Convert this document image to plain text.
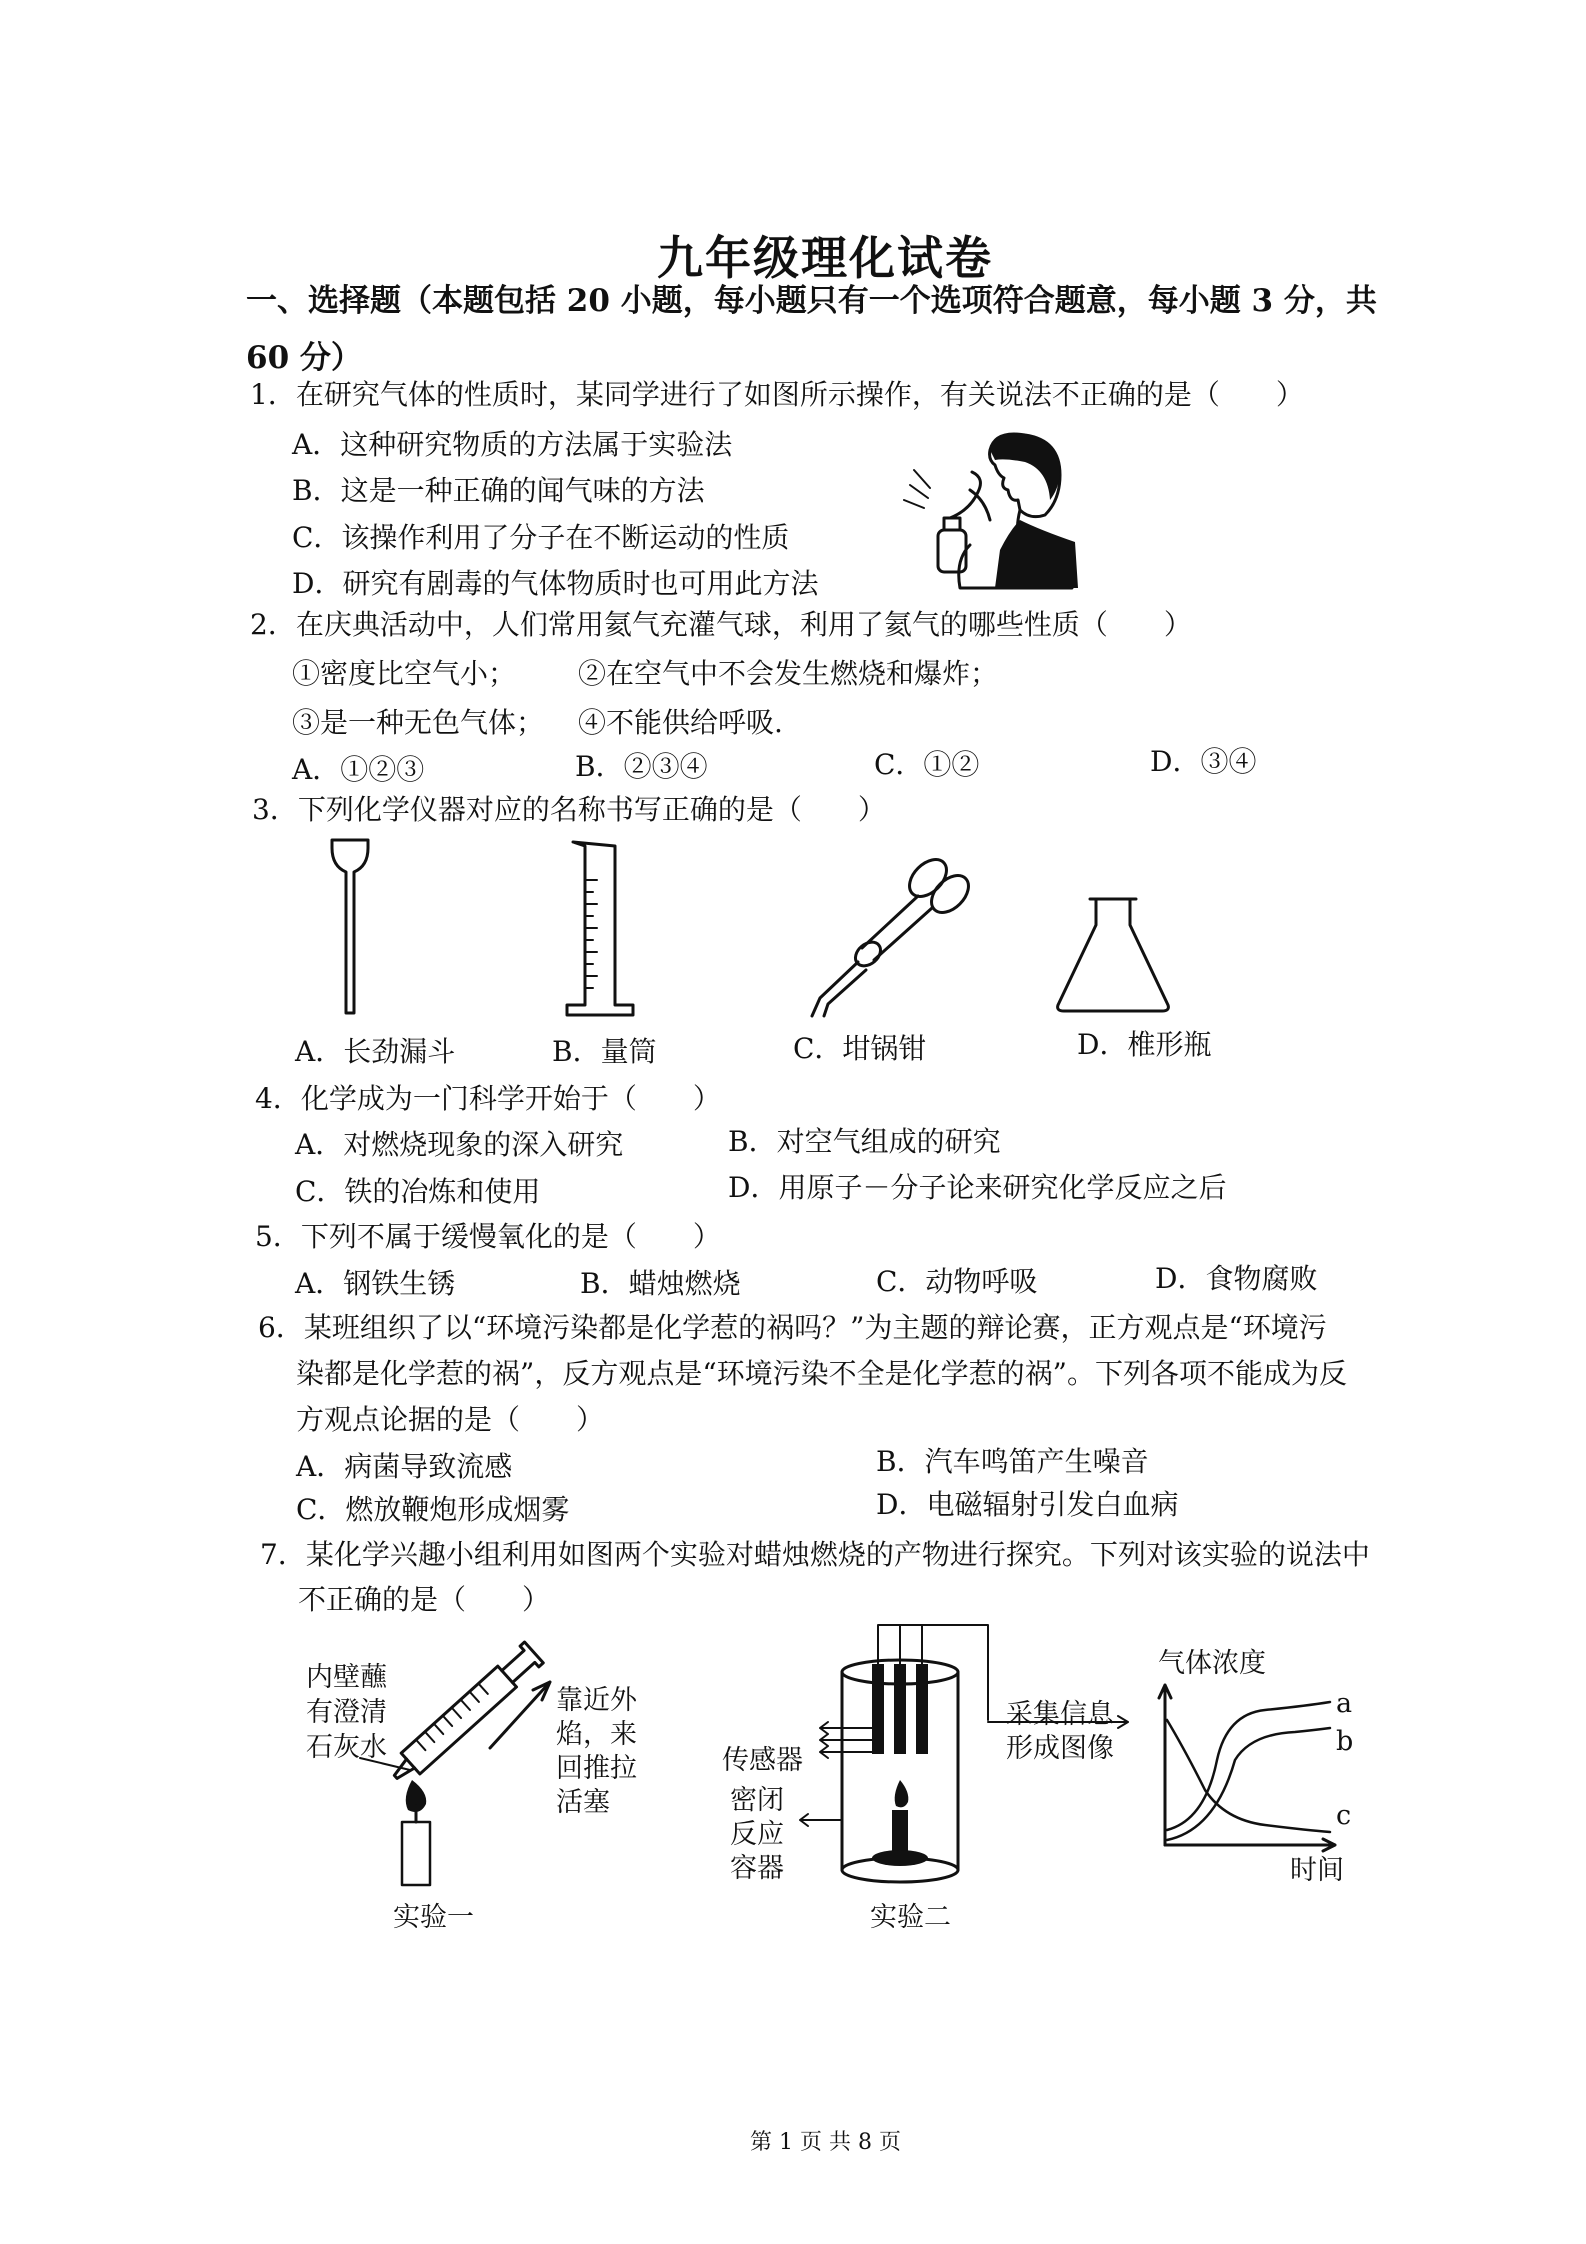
九年级理化试卷
一、选择题（本题包括 20 小题，每小题只有一个选项符合题意，每小题 3 分，共
60 分）
1．在研究气体的性质时，某同学进行了如图所示操作，有关说法不正确的是（　　）
A．这种研究物质的方法属于实验法
B．这是一种正确的闻气味的方法
C．该操作利用了分子在不断运动的性质
D．研究有剧毒的气体物质时也可用此方法
2．在庆典活动中，人们常用氦气充灌气球，利用了氦气的哪些性质（　　）
①密度比空气小； ②在空气中不会发生燃烧和爆炸；
③是一种无色气体； ④不能供给呼吸.
A．①②③	B．②③④	C．①②	D．③④
3．下列化学仪器对应的名称书写正确的是（　　）
A．长劲漏斗	B．量筒	C．坩锅钳	D．椎形瓶
4．化学成为一门科学开始于（　　）
A．对燃烧现象的深入研究	B．对空气组成的研究
C．铁的冶炼和使用	D．用原子－分子论来研究化学反应之后
5．下列不属于缓慢氧化的是（　　）
A．钢铁生锈	B．蜡烛燃烧	C．动物呼吸	D．食物腐败
6．某班组织了以“环境污染都是化学惹的祸吗？”为主题的辩论赛，正方观点是“环境污
染都是化学惹的祸”，反方观点是“环境污染不全是化学惹的祸”。下列各项不能成为反
方观点论据的是（　　）
A．病菌导致流感	B．汽车鸣笛产生噪音
C．燃放鞭炮形成烟雾	D．电磁辐射引发白血病
7．某化学兴趣小组利用如图两个实验对蜡烛燃烧的产物进行探究。下列对该实验的说法中
不正确的是（　　）
内壁蘸
有澄清
石灰水
靠近外
焰，来
回推拉
活塞
实验一
传感器
密闭
反应
容器
采集信息
形成图像
实验二
气体浓度
时间
a
b
c
第 1 页 共 8 页
